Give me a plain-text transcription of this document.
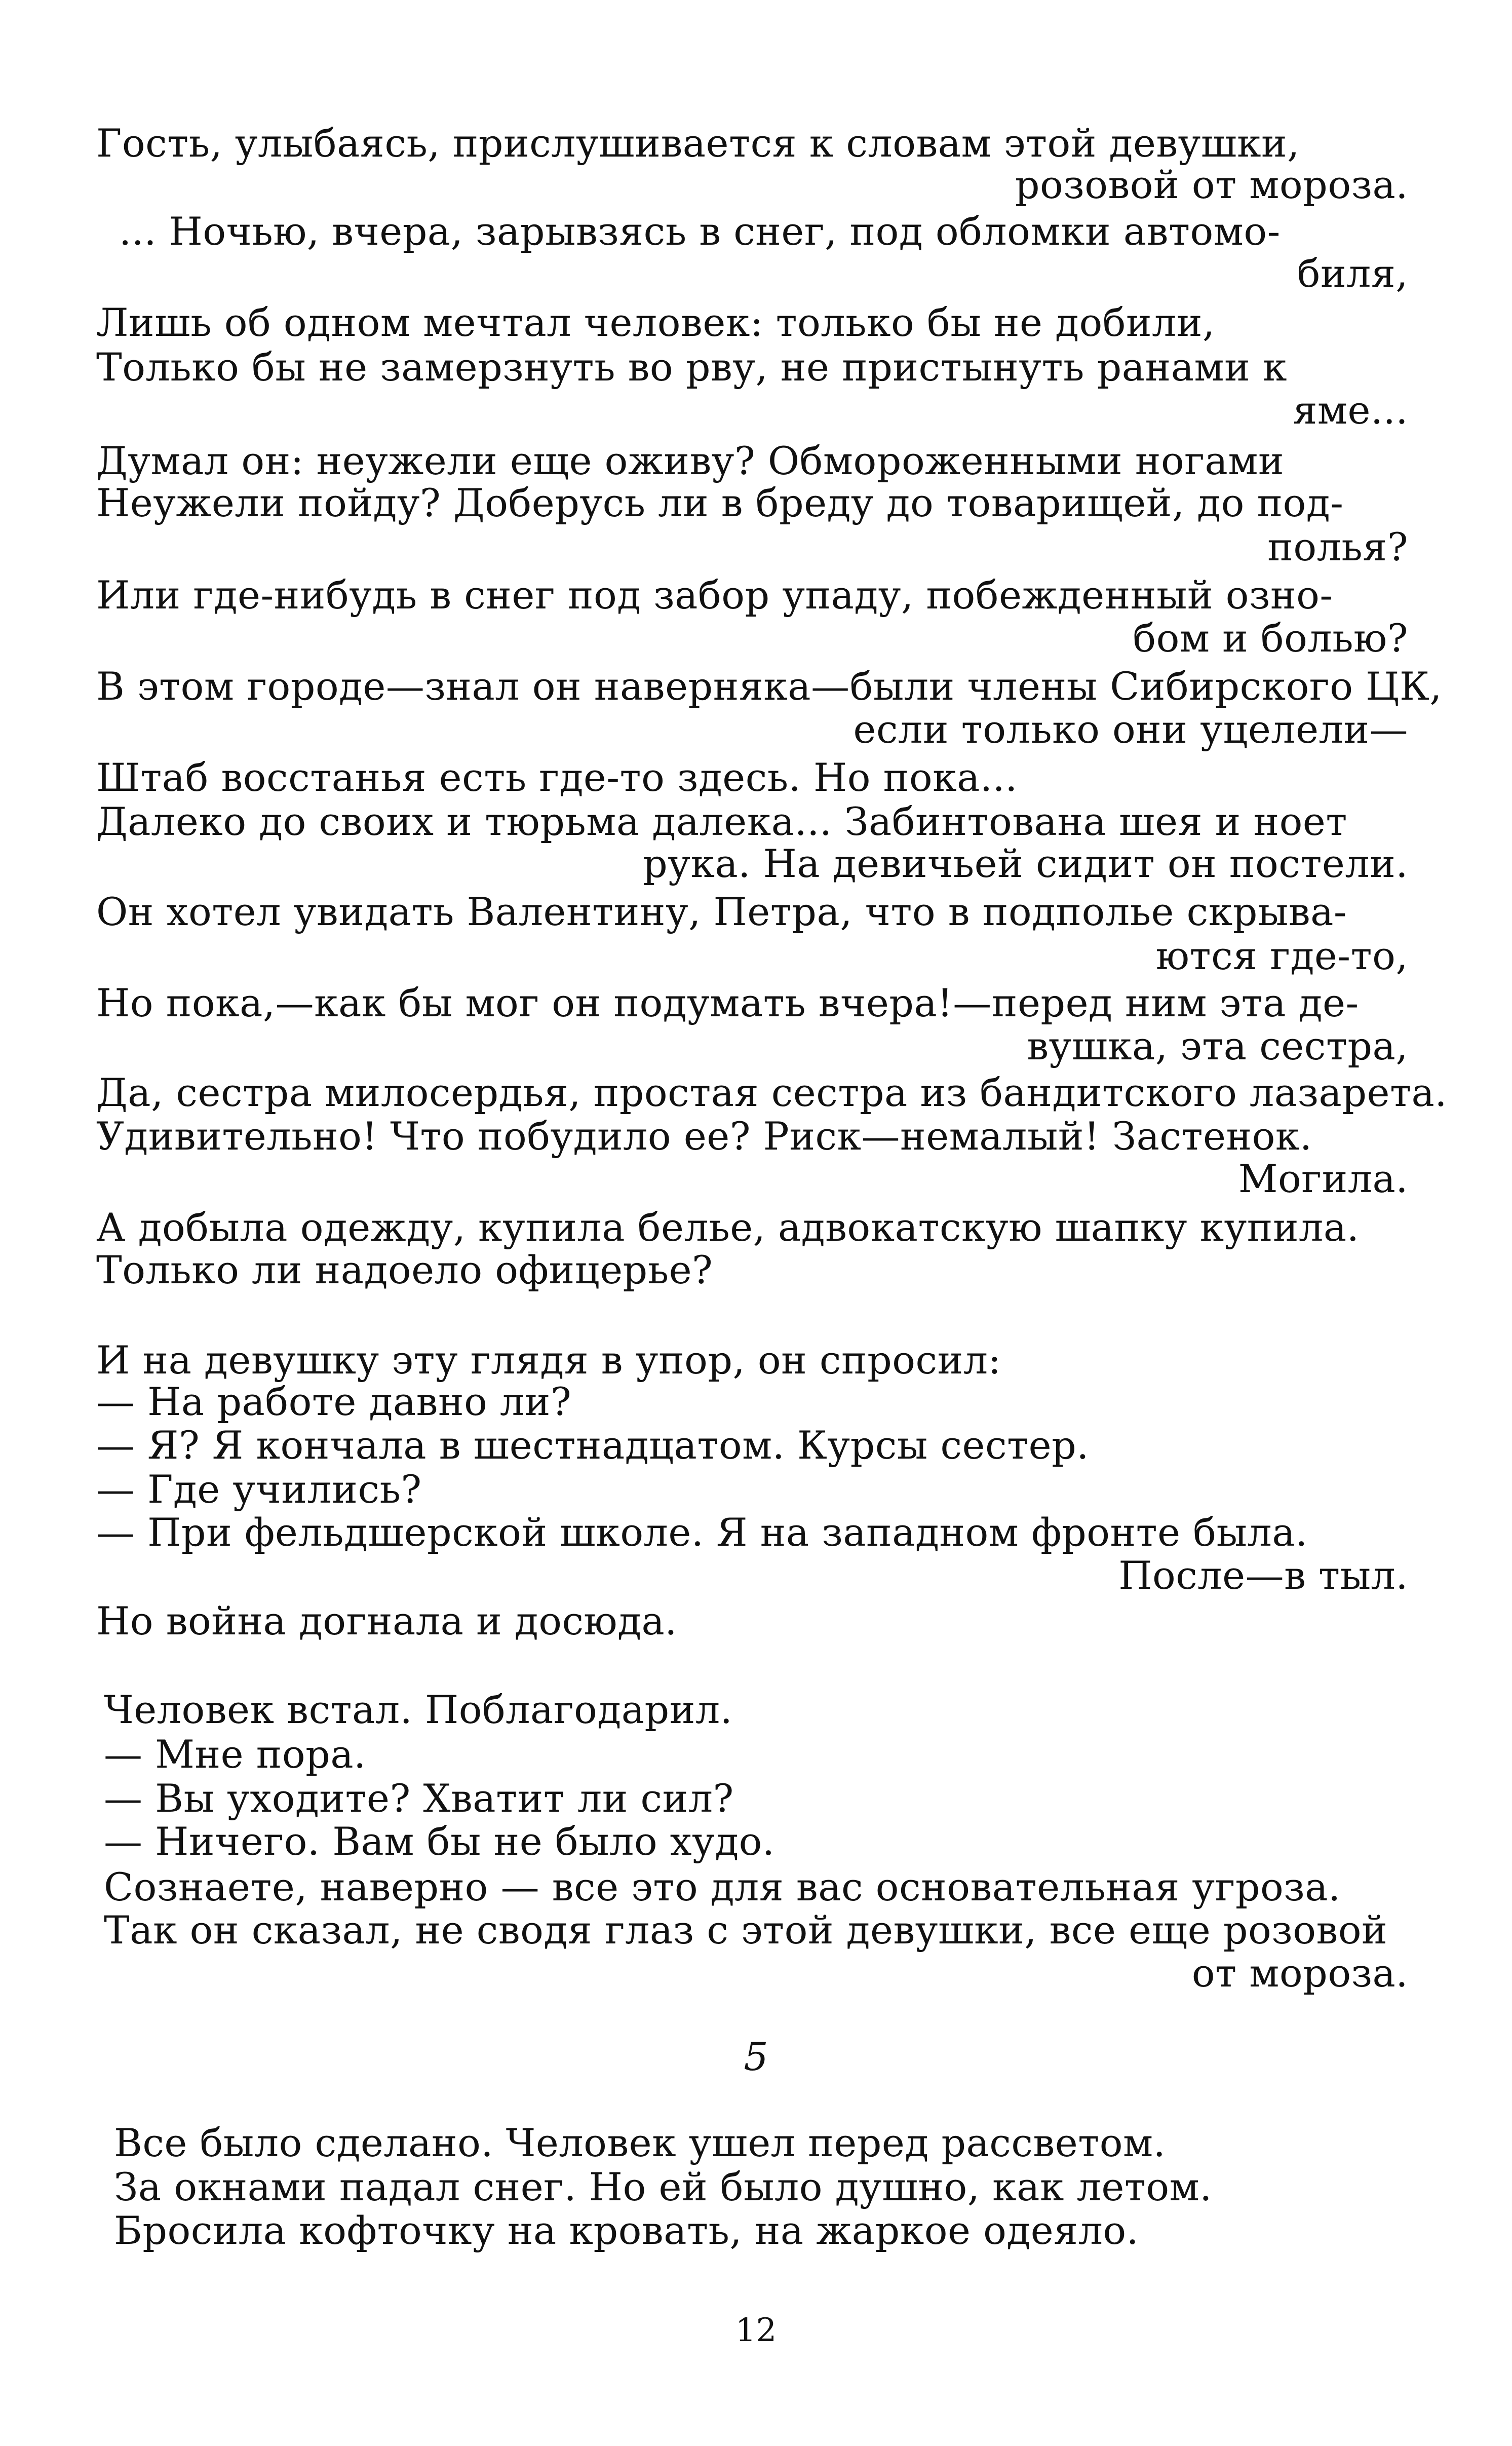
Гость, улыбаясь, прислушивается к словам этой девушки,
розовой от мороза.
... Ночью, вчера, зарывзясь в снег, под обломки автомо-
биля,
Лишь об одном мечтал человек: только бы не добили,
Только бы не замерзнуть во рву, не пристынуть ранами к
яме...
Думал он: неужели еще оживу? Обмороженными ногами
Неужели пойду? Доберусь ли в бреду до товарищей, до под-
полья?
Или где-нибудь в снег под забор упаду, побежденный озно-
бом и болью?
В этом городе—знал он наверняка—были члены Сибирского ЦК,
если только они уцелели—
Штаб восстанья есть где-то здесь. Но пока...
Далеко до своих и тюрьма далека... Забинтована шея и ноет
рука. На девичьей сидит он постели.
Он хотел увидать Валентину, Петра, что в подполье скрыва-
ются где-то,
Но пока,—как бы мог он подумать вчера!—перед ним эта де-
вушка, эта сестра,
Да, сестра милосердья, простая сестра из бандитского лазарета.
Удивительно! Что побудило ее? Риск—немалый! Застенок.
Могила.
А добыла одежду, купила белье, адвокатскую шапку купила.
Только ли надоело офицерье?
И на девушку эту глядя в упор, он спросил:
— На работе давно ли?
— Я? Я кончала в шестнадцатом. Курсы сестер.
— Где учились?
— При фельдшерской школе. Я на западном фронте была.
После—в тыл.
Но война догнала и досюда.
Человек встал. Поблагодарил.
— Мне пора.
— Вы уходите? Хватит ли сил?
— Ничего. Вам бы не было худо.
Сознаете, наверно — все это для вас основательная угроза.
Так он сказал, не сводя глаз с этой девушки, все еще розовой
от мороза.
5
Все было сделано. Человек ушел перед рассветом.
За окнами падал снег. Но ей было душно, как летом.
Бросила кофточку на кровать, на жаркое одеяло.
12
